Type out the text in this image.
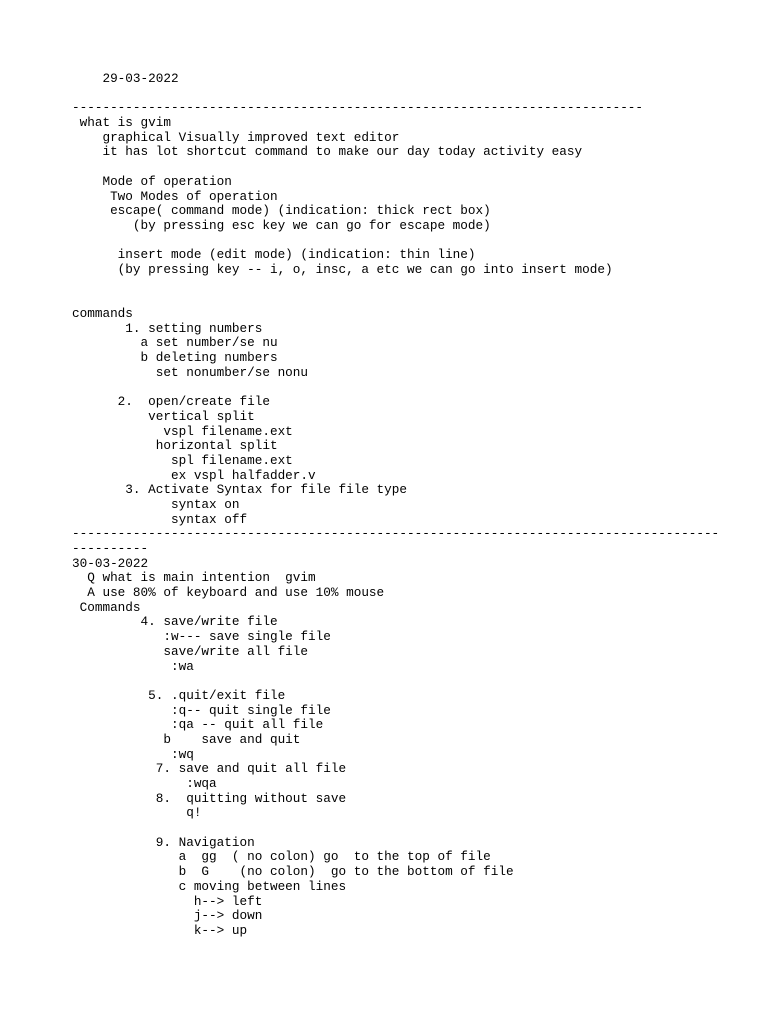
29-03-2022
---------------------------------------------------------------------------
what is gvim
graphical Visually improved text editor
it has lot shortcut command to make our day today activity easy
Mode of operation
Two Modes of operation
escape( command mode) (indication: thick rect box)
(by pressing esc key we can go for escape mode)
insert mode (edit mode) (indication: thin line)
(by pressing key -- i, o, insc, a etc we can go into insert mode)
commands
1. setting numbers
a set number/se nu
b deleting numbers
set nonumber/se nonu
2.  open/create file
vertical split
vspl filename.ext
horizontal split
spl filename.ext
ex vspl halfadder.v
3. Activate Syntax for file file type
syntax on
syntax off
-------------------------------------------------------------------------------------
----------
30-03-2022
Q what is main intention  gvim
A use 80% of keyboard and use 10% mouse
Commands
4. save/write file
:w--- save single file
save/write all file
:wa
5. .quit/exit file
:q-- quit single file
:qa -- quit all file
b    save and quit
:wq
7. save and quit all file
:wqa
8.  quitting without save
q!
9. Navigation
a  gg  ( no colon) go  to the top of file
b  G    (no colon)  go to the bottom of file
c moving between lines
h--> left
j--> down
k--> up
